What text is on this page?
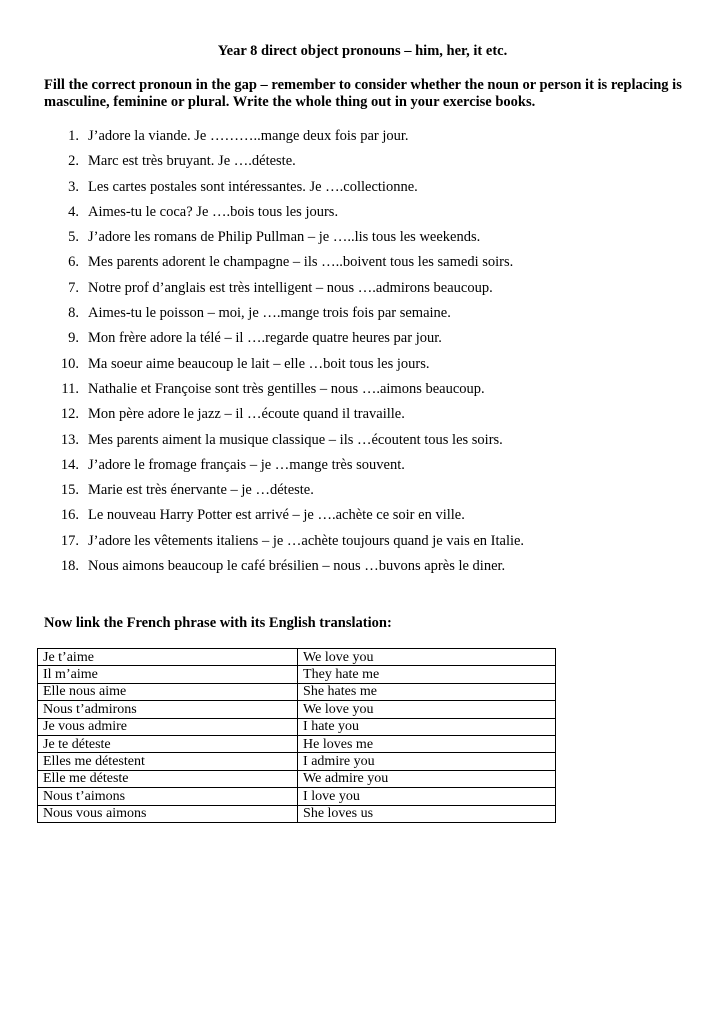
Year 8 direct object pronouns – him, her, it etc.
Fill the correct pronoun in the gap – remember to consider whether the noun or person it is replacing is masculine, feminine or plural. Write the whole thing out in your exercise books.
1. J’adore la viande. Je ………..mange deux fois par jour.
2. Marc est très bruyant. Je ….déteste.
3. Les cartes postales sont intéressantes. Je ….collectionne.
4. Aimes-tu le coca? Je ….bois tous les jours.
5. J’adore les romans de Philip Pullman – je …..lis tous les weekends.
6. Mes parents adorent le champagne – ils …..boivent tous les samedi soirs.
7. Notre prof d’anglais est très intelligent – nous ….admirons beaucoup.
8. Aimes-tu le poisson – moi, je ….mange trois fois par semaine.
9. Mon frère adore la télé – il ….regarde quatre heures par jour.
10. Ma soeur aime beaucoup le lait – elle …boit tous les jours.
11. Nathalie et Françoise sont très gentilles – nous ….aimons beaucoup.
12. Mon père adore le jazz – il …écoute quand il travaille.
13. Mes parents aiment la musique classique – ils …écoutent tous les soirs.
14. J’adore le fromage français – je …mange très souvent.
15. Marie est très énervante – je …déteste.
16. Le nouveau Harry Potter est arrivé – je ….achète ce soir en ville.
17. J’adore les vêtements italiens – je …achète toujours quand je vais en Italie.
18. Nous aimons beaucoup le café brésilien – nous …buvons après le diner.
Now link the French phrase with its English translation:
Je t’aime	We love you
Il m’aime	They hate me
Elle nous aime	She hates me
Nous t’admirons	We love you
Je vous admire	I hate you
Je te déteste	He loves me
Elles me détestent	I admire you
Elle me déteste	We admire you
Nous t’aimons	I love you
Nous vous aimons	She loves us
